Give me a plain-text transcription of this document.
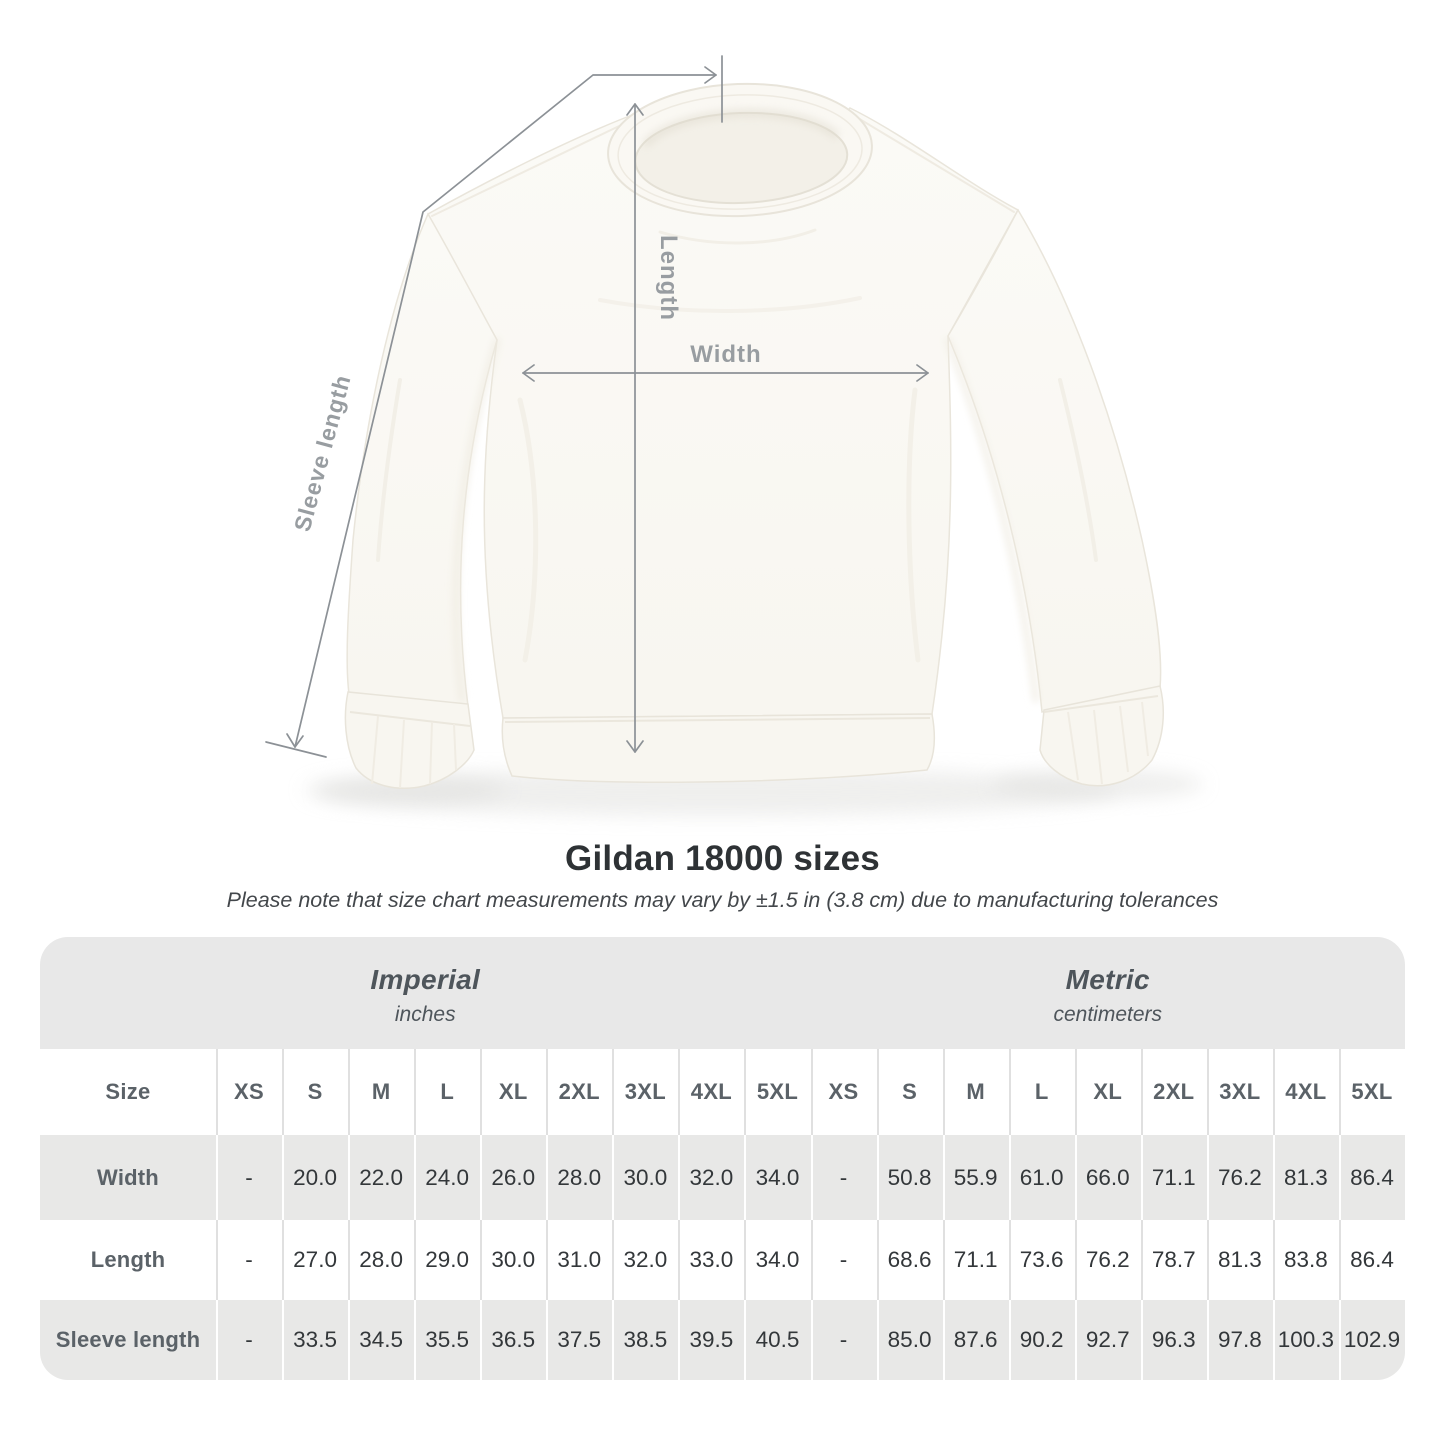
Length
Width
Sleeve length
Gildan 18000 sizes

Please note that size chart measurements may vary by ±1.5 in (3.8 cm) due to manufacturing tolerances

Imperial
inches
Metric
centimeters
Size	XS	S	M	L	XL	2XL	3XL	4XL	5XL	XS	S	M	L	XL	2XL	3XL	4XL	5XL
Width	-	20.0 22.0 24.0 26.0 28.0 30.0 32.0 34.0	-	50.8 55.9 61.0 66.0 71.1 76.2 81.3 86.4
Length	-	27.0 28.0 29.0 30.0 31.0 32.0 33.0 34.0	-	68.6 71.1 73.6 76.2 78.7 81.3 83.8 86.4
Sleeve length	-	33.5 34.5 35.5 36.5 37.5 38.5 39.5 40.5	-	85.0 87.6 90.2 92.7 96.3 97.8 100.3 102.9
